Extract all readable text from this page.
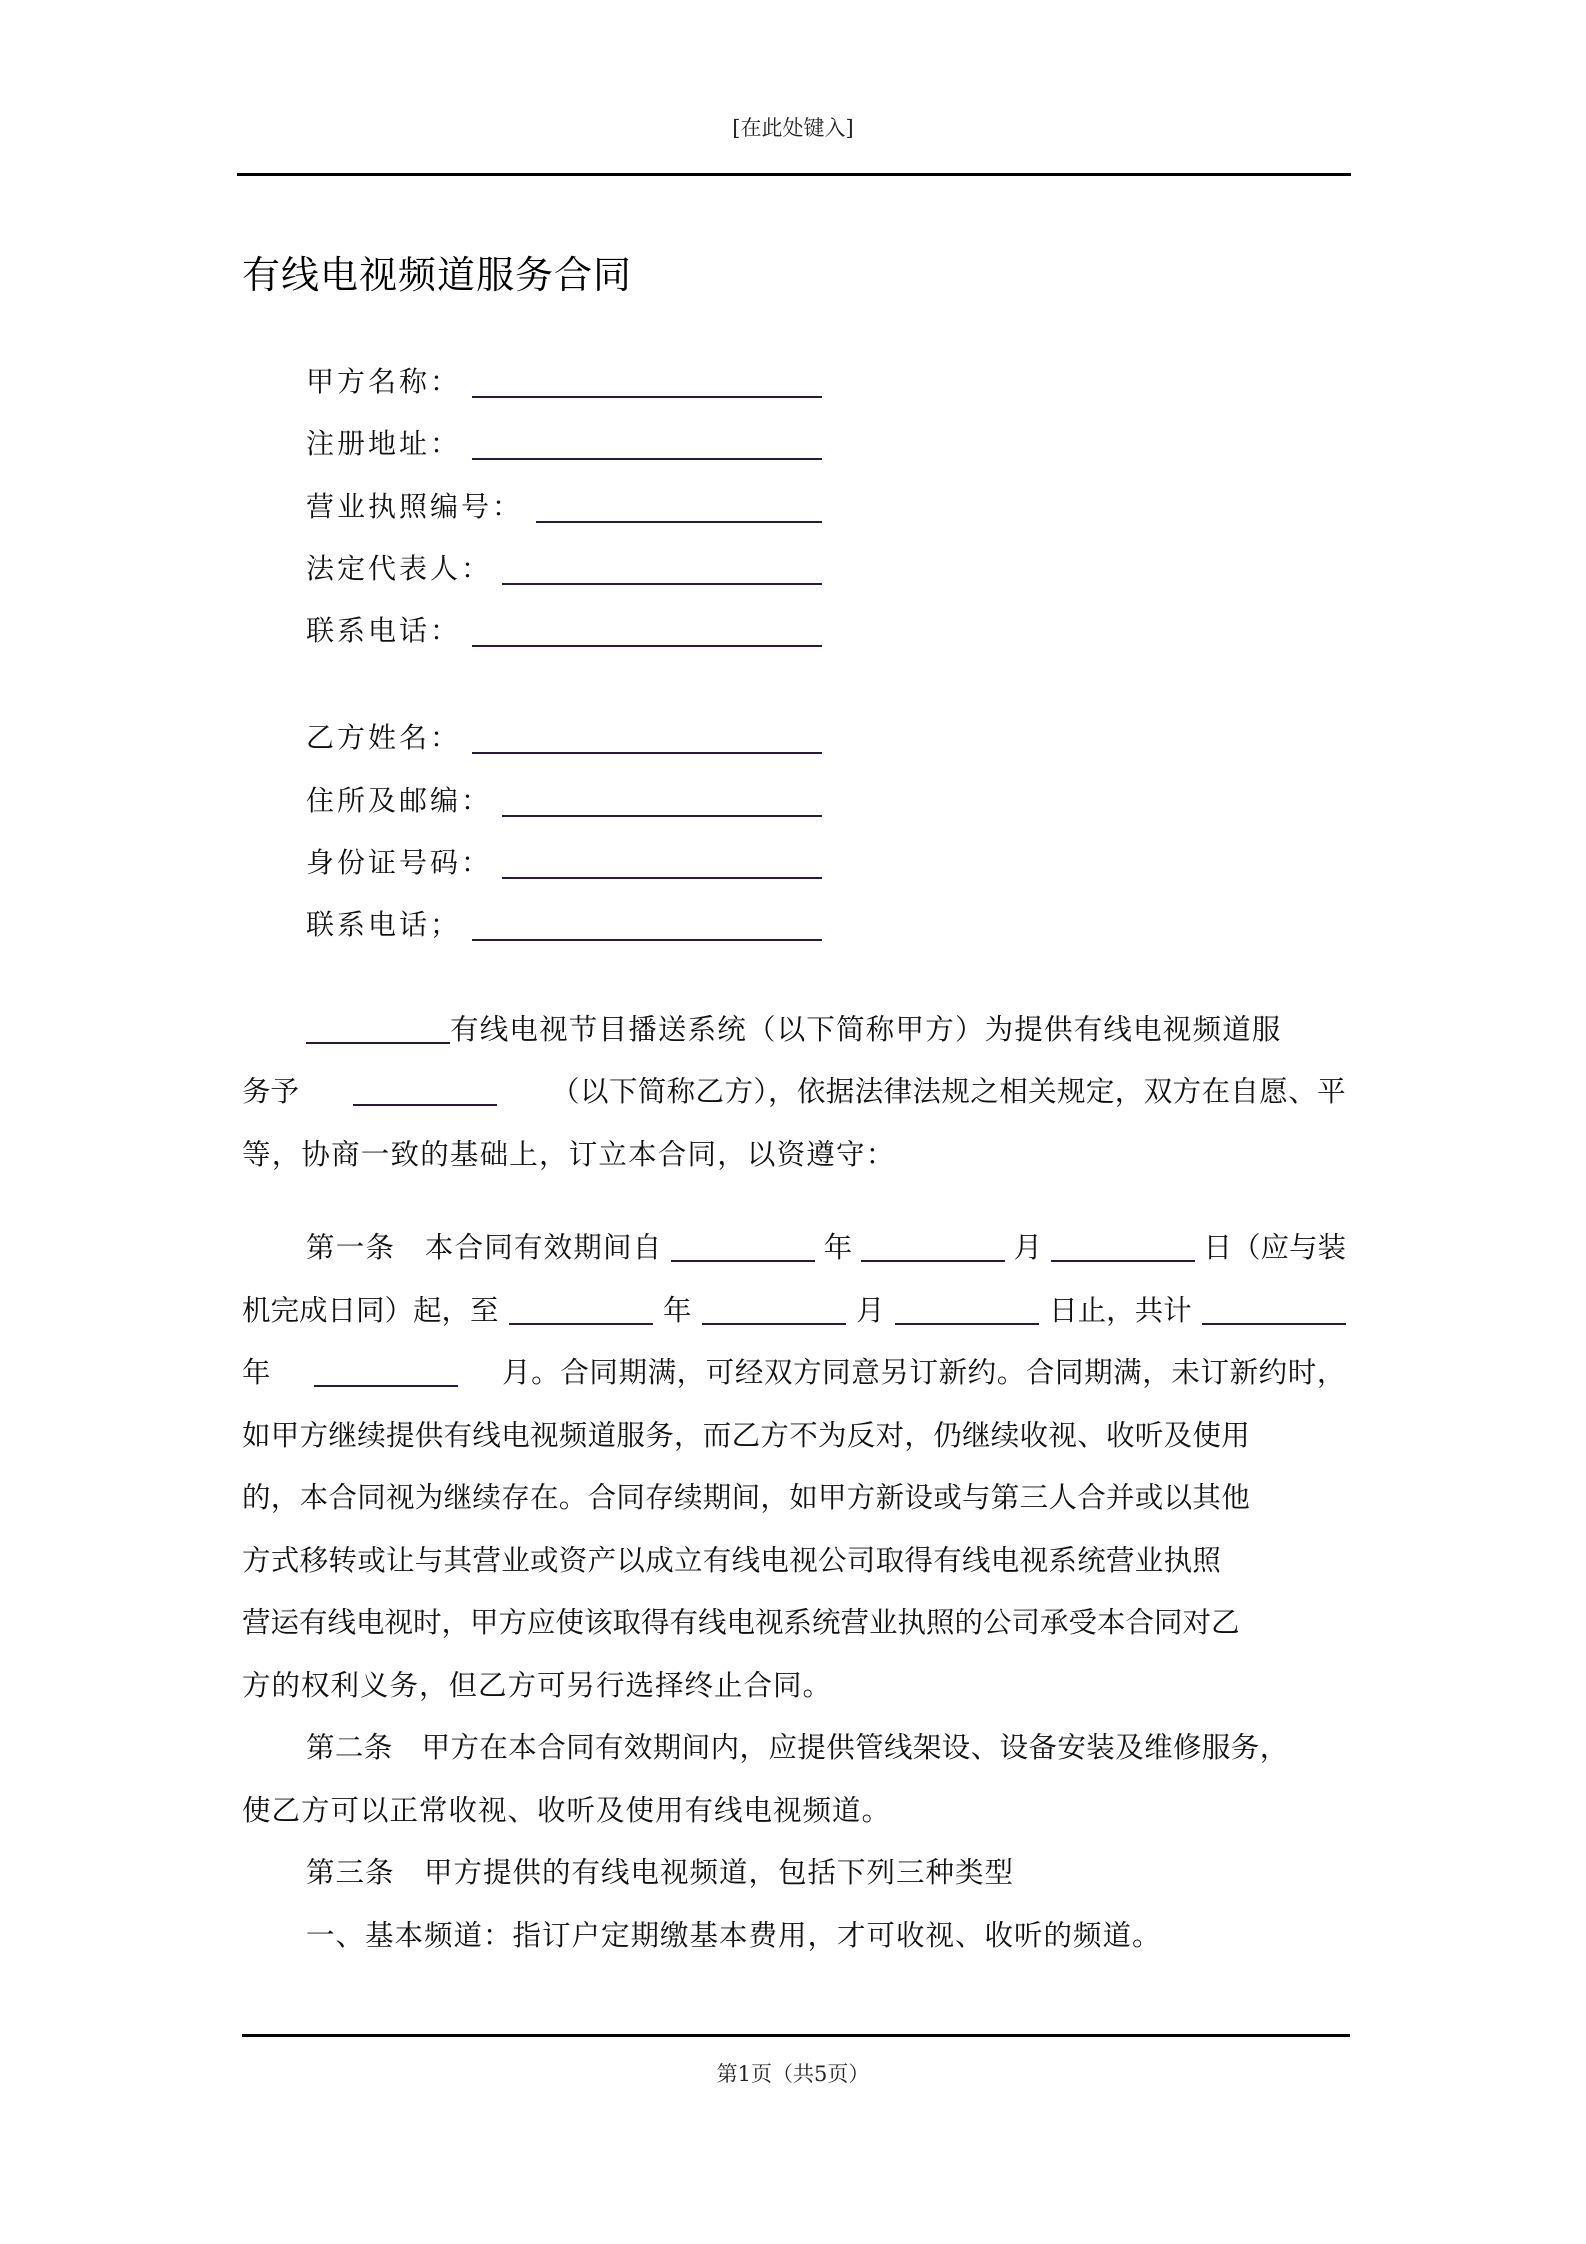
[在此处键入]
有线电视频道服务合同
甲方名称：
注册地址：
营业执照编号：
法定代表人：
联系电话：
乙方姓名：
住所及邮编：
身份证号码：
联系电话；
有线电视节目播送系统（以下简称甲方）为提供有线电视频道服
务予	（以下简称乙方），依据法律法规之相关规定，双方在自愿、平
等，协商一致的基础上，订立本合同，以资遵守：
第一条　本合同有效期间自	年	月	日（应与装
机完成日同）起，至	年	月	日止，共计
年	月。合同期满，可经双方同意另订新约。合同期满，未订新约时，
如甲方继续提供有线电视频道服务，而乙方不为反对，仍继续收视、收听及使用
的，本合同视为继续存在。合同存续期间，如甲方新设或与第三人合并或以其他
方式移转或让与其营业或资产以成立有线电视公司取得有线电视系统营业执照
营运有线电视时，甲方应使该取得有线电视系统营业执照的公司承受本合同对乙
方的权利义务，但乙方可另行选择终止合同。
第二条　甲方在本合同有效期间内，应提供管线架设、设备安装及维修服务，
使乙方可以正常收视、收听及使用有线电视频道。
第三条　甲方提供的有线电视频道，包括下列三种类型
一、基本频道：指订户定期缴基本费用，才可收视、收听的频道。
第1页（共5页）
